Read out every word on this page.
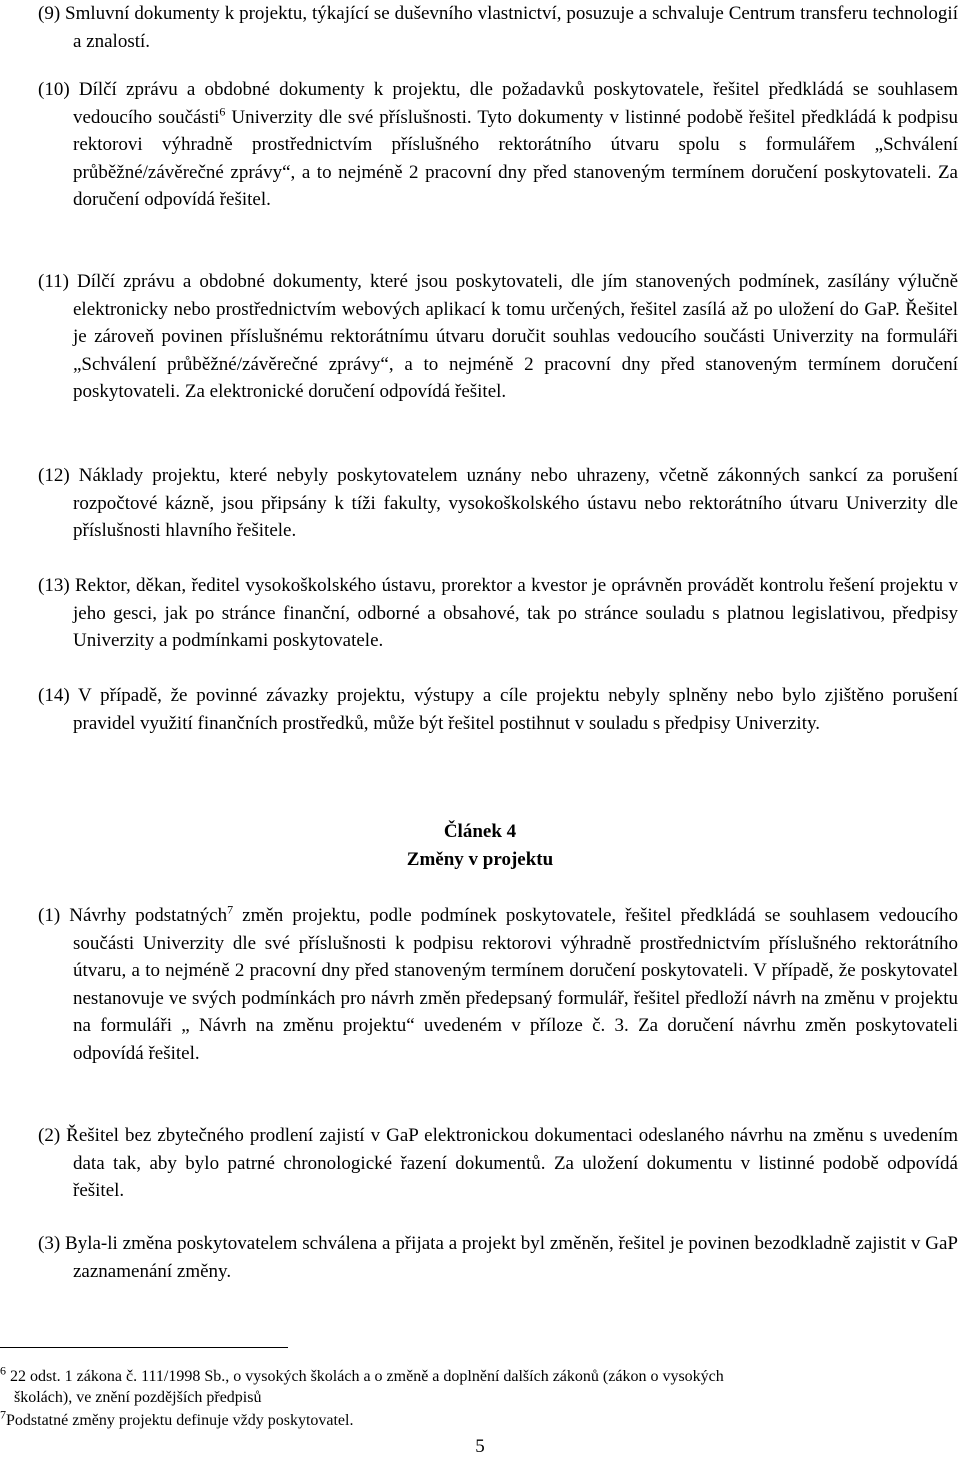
(9) Smluvní dokumenty k projektu, týkající se duševního vlastnictví, posuzuje a schvaluje Centrum transferu technologií a znalostí.
(10) Dílčí zprávu a obdobné dokumenty k projektu, dle požadavků poskytovatele, řešitel předkládá se souhlasem vedoucího součásti$^6$ Univerzity dle své příslušnosti. Tyto dokumenty v listinné podobě řešitel předkládá k podpisu rektorovi výhradně prostřednictvím příslušného rektorátního útvaru spolu s formulářem „Schválení průběžné/závěrečné zprávy“, a to nejméně 2 pracovní dny před stanoveným termínem doručení poskytovateli. Za doručení odpovídá řešitel.
(11) Dílčí zprávu a obdobné dokumenty, které jsou poskytovateli, dle jím stanovených podmínek, zasílány výlučně elektronicky nebo prostřednictvím webových aplikací k tomu určených, řešitel zasílá až po uložení do GaP. Řešitel je zároveň povinen příslušnému rektorátnímu útvaru doručit souhlas vedoucího součásti Univerzity na formuláři „Schválení průběžné/závěrečné zprávy“, a to nejméně 2 pracovní dny před stanoveným termínem doručení poskytovateli. Za elektronické doručení odpovídá řešitel.
(12) Náklady projektu, které nebyly poskytovatelem uznány nebo uhrazeny, včetně zákonných sankcí za porušení rozpočtové kázně, jsou připsány k tíži fakulty, vysokoškolského ústavu nebo rektorátního útvaru Univerzity dle příslušnosti hlavního řešitele.
(13) Rektor, děkan, ředitel vysokoškolského ústavu, prorektor a kvestor je oprávněn provádět kontrolu řešení projektu v jeho gesci, jak po stránce finanční, odborné a obsahové, tak po stránce souladu s platnou legislativou, předpisy Univerzity a podmínkami poskytovatele.
(14) V případě, že povinné závazky projektu, výstupy a cíle projektu nebyly splněny nebo bylo zjištěno porušení pravidel využití finančních prostředků, může být řešitel postihnut v souladu s předpisy Univerzity.
Článek 4
Změny v projektu
(1) Návrhy podstatných$^7$ změn projektu, podle podmínek poskytovatele, řešitel předkládá se souhlasem vedoucího součásti Univerzity dle své příslušnosti k podpisu rektorovi výhradně prostřednictvím příslušného rektorátního útvaru, a to nejméně 2 pracovní dny před stanoveným termínem doručení poskytovateli. V případě, že poskytovatel nestanovuje ve svých podmínkách pro návrh změn předepsaný formulář, řešitel předloží návrh na změnu v projektu na formuláři „ Návrh na změnu projektu“ uvedeném v příloze č. 3. Za doručení návrhu změn poskytovateli odpovídá řešitel.
(2) Řešitel bez zbytečného prodlení zajistí v GaP elektronickou dokumentaci odeslaného návrhu na změnu s uvedením data tak, aby bylo patrné chronologické řazení dokumentů. Za uložení dokumentu v listinné podobě odpovídá řešitel.
(3) Byla-li změna poskytovatelem schválena a přijata a projekt byl změněn, řešitel je povinen bezodkladně zajistit v GaP zaznamenání změny.
$^6$ 22 odst. 1 zákona č. 111/1998 Sb., o vysokých školách a o změně a doplnění dalších zákonů (zákon o vysokých
školách), ve znění pozdějších předpisů
$^7$Podstatné změny projektu definuje vždy poskytovatel.
5
